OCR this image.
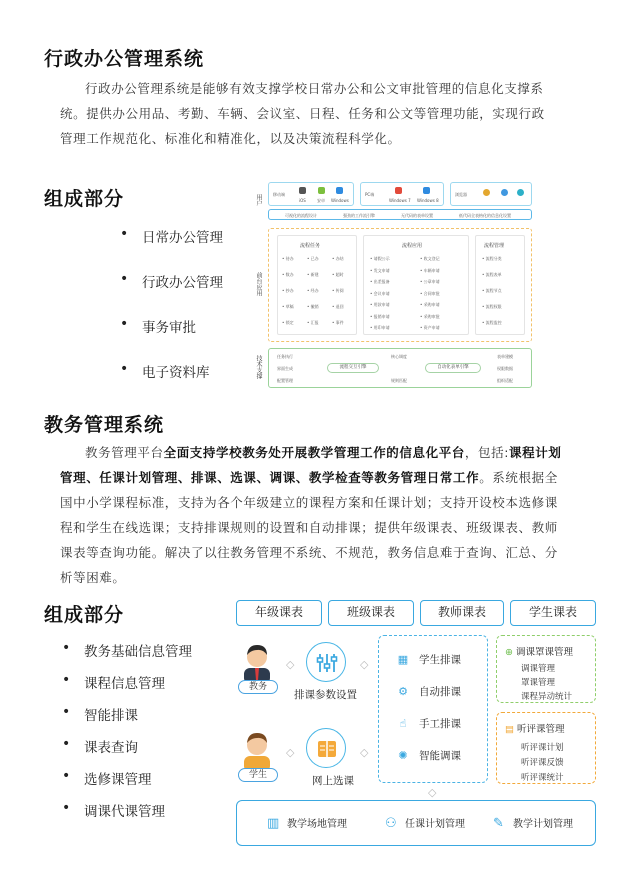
行政办公管理系统
行政办公管理系统是能够有效支撑学校日常办公和公文审批管理的信息化支撑系
统。提供办公用品、考勤、车辆、会议室、日程、任务和公文等管理功能，实现行政
管理工作规范化、标准化和精准化，以及决策流程科学化。
组成部分
• 日常办公管理
• 行政办公管理
• 事务审批
• 电子资料库
用户
前台应用
技术支撑
移动端
iOS	安卓 Windows
PC端
Windows 7 Windows 8
浏览器
可视化的流程设计	强劲的工作流引擎	无代码的表单设置	低代码全表格化的信息化设置
流程任务
• 待办	• 已办	• 办结
• 数办	• 新建	• 超时
• 抄办	• 经办	• 传阅
• 草稿	• 撤销	• 退回
• 锁定	• 汇报	• 事件
流程应用
• 请假公示	• 收文登记
• 发文申请	• 车辆申请
• 出差报备	• 公章申请
• 会议申请	• 合同审批
• 用款申请	• 采购申请
• 报销申请	• 采购审批
• 用印申请	• 资产申请
流程管理
• 流程分类
• 流程表单
• 流程节点
• 流程权限
• 流程监控
任务执行
界面生成
配置管理
流程交互引擎
核心调度
规则匹配
自动化表单引擎
表单建模
权限数据
组织适配
教务管理系统
教务管理平台全面支持学校教务处开展教学管理工作的信息化平台，包括:课程计划
管理、任课计划管理、排课、选课、调课、教学检查等教务管理日常工作。系统根据全
国中小学课程标准，支持为各个年级建立的课程方案和任课计划；支持开设校本选修课
程和学生在线选课；支持排课规则的设置和自动排课；提供年级课表、班级课表、教师
课表等查询功能。解决了以往教务管理不系统、不规范，教务信息难于查询、汇总、分
析等困难。
组成部分
• 教务基础信息管理
• 课程信息管理
• 智能排课
• 课表查询
• 选修课管理
• 调课代课管理
年级课表	班级课表	教师课表	学生课表
教务
学生
◇
◇
排课参数设置
网上选课
◇
◇
▦ 学生排课
⚙ 自动排课
☝ 手工排课
✺ 智能调课
⊕ 调课罩课管理
调课管理
罩课管理
课程异动统计
▤ 听评课管理
听评课计划
听评课反馈
听评课统计
◇
▥ 教学场地管理	⚇ 任课计划管理 ✎ 教学计划管理
